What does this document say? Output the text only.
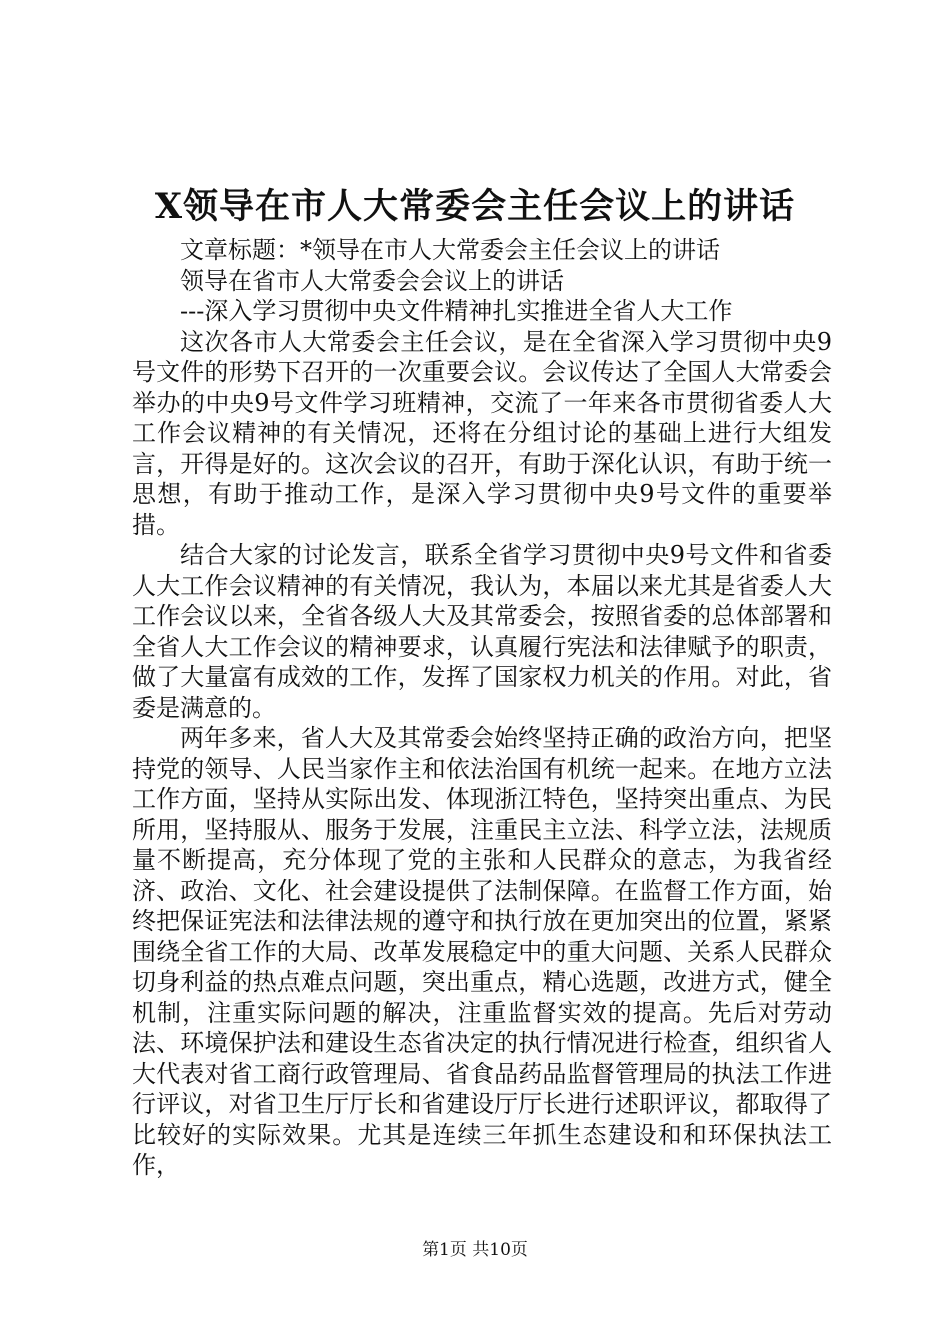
X领导在市人大常委会主任会议上的讲话
文章标题：*领导在市人大常委会主任会议上的讲话
领导在省市人大常委会会议上的讲话
---深入学习贯彻中央文件精神扎实推进全省人大工作

这次各市人大常委会主任会议，是在全省深入学习贯彻中央9号文件的形势下召开的一次重要会议。会议传达了全国人大常委会举办的中央9号文件学习班精神，交流了一年来各市贯彻省委人大工作会议精神的有关情况，还将在分组讨论的基础上进行大组发言，开得是好的。这次会议的召开，有助于深化认识，有助于统一思想，有助于推动工作，是深入学习贯彻中央9号文件的重要举措。

结合大家的讨论发言，联系全省学习贯彻中央9号文件和省委人大工作会议精神的有关情况，我认为，本届以来尤其是省委人大工作会议以来，全省各级人大及其常委会，按照省委的总体部署和全省人大工作会议的精神要求，认真履行宪法和法律赋予的职责，做了大量富有成效的工作，发挥了国家权力机关的作用。对此，省委是满意的。

两年多来，省人大及其常委会始终坚持正确的政治方向，把坚持党的领导、人民当家作主和依法治国有机统一起来。在地方立法工作方面，坚持从实际出发、体现浙江特色，坚持突出重点、为民所用，坚持服从、服务于发展，注重民主立法、科学立法，法规质量不断提高，充分体现了党的主张和人民群众的意志，为我省经济、政治、文化、社会建设提供了法制保障。在监督工作方面，始终把保证宪法和法律法规的遵守和执行放在更加突出的位置，紧紧围绕全省工作的大局、改革发展稳定中的重大问题、关系人民群众切身利益的热点难点问题，突出重点，精心选题，改进方式，健全机制，注重实际问题的解决，注重监督实效的提高。先后对劳动法、环境保护法和建设生态省决定的执行情况进行检查，组织省人大代表对省工商行政管理局、省食品药品监督管理局的执法工作进行评议，对省卫生厅厅长和省建设厅厅长进行述职评议，都取得了比较好的实际效果。尤其是连续三年抓生态建设和和环保执法工作，

第1页 共10页
